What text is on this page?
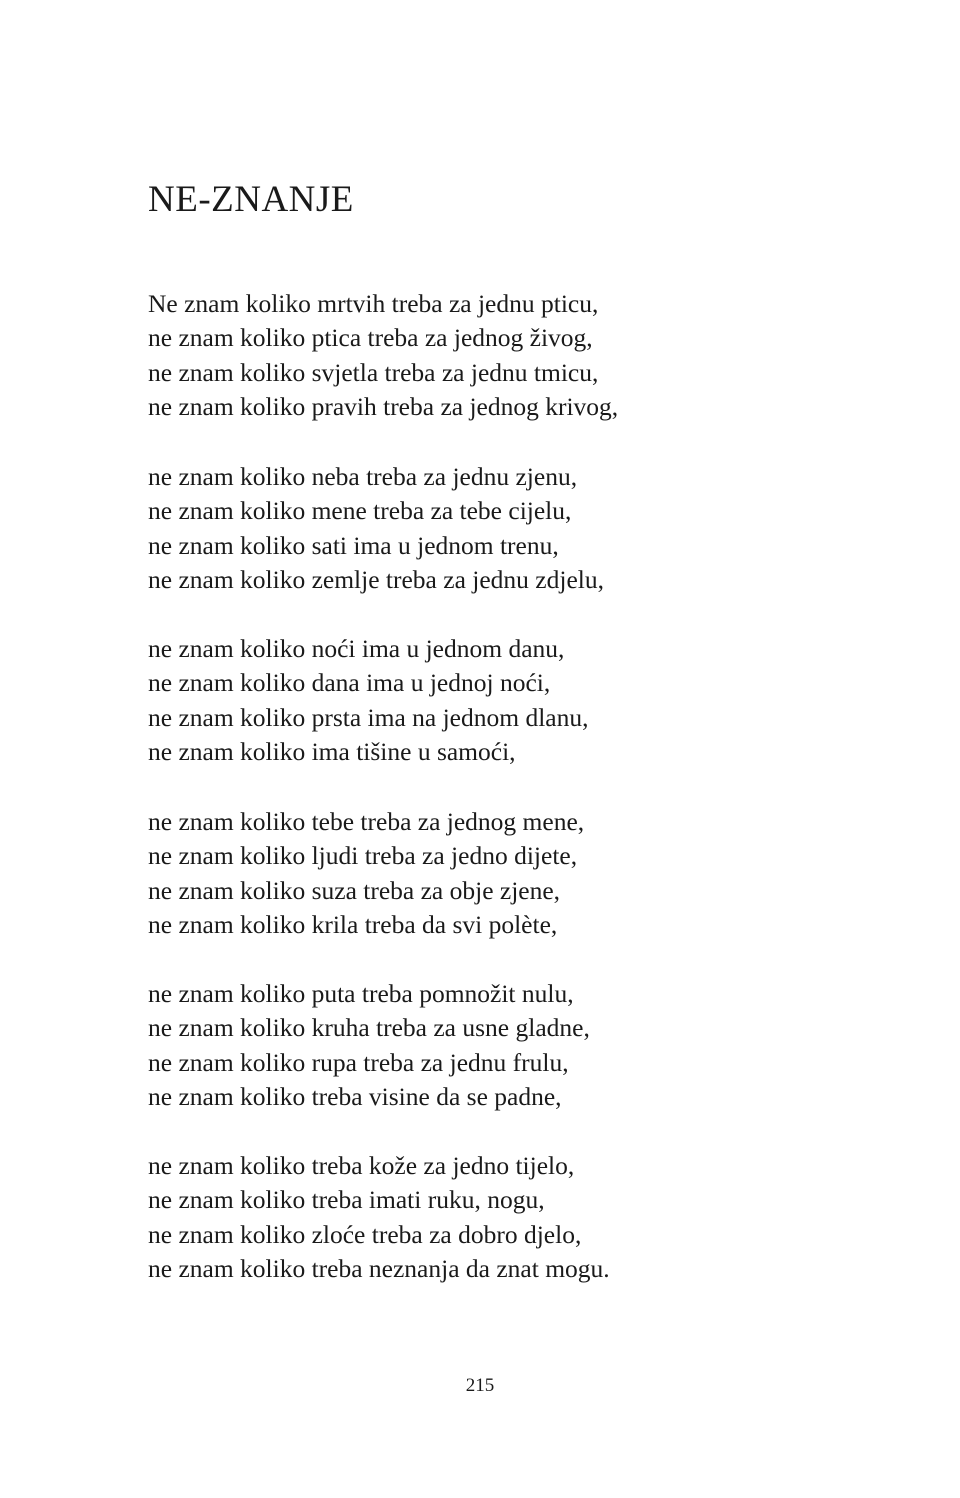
NE-ZNANJE
Ne znam koliko mrtvih treba za jednu pticu,
ne znam koliko ptica treba za jednog živog,
ne znam koliko svjetla treba za jednu tmicu,
ne znam koliko pravih treba za jednog krivog,
ne znam koliko neba treba za jednu zjenu,
ne znam koliko mene treba za tebe cijelu,
ne znam koliko sati ima u jednom trenu,
ne znam koliko zemlje treba za jednu zdjelu,
ne znam koliko noći ima u jednom danu,
ne znam koliko dana ima u jednoj noći,
ne znam koliko prsta ima na jednom dlanu,
ne znam koliko ima tišine u samoći,
ne znam koliko tebe treba za jednog mene,
ne znam koliko ljudi treba za jedno dijete,
ne znam koliko suza treba za obje zjene,
ne znam koliko krila treba da svi polète,
ne znam koliko puta treba pomnožit nulu,
ne znam koliko kruha treba za usne gladne,
ne znam koliko rupa treba za jednu frulu,
ne znam koliko treba visine da se padne,
ne znam koliko treba kože za jedno tijelo,
ne znam koliko treba imati ruku, nogu,
ne znam koliko zloće treba za dobro djelo,
ne znam koliko treba neznanja da znat mogu.
215
